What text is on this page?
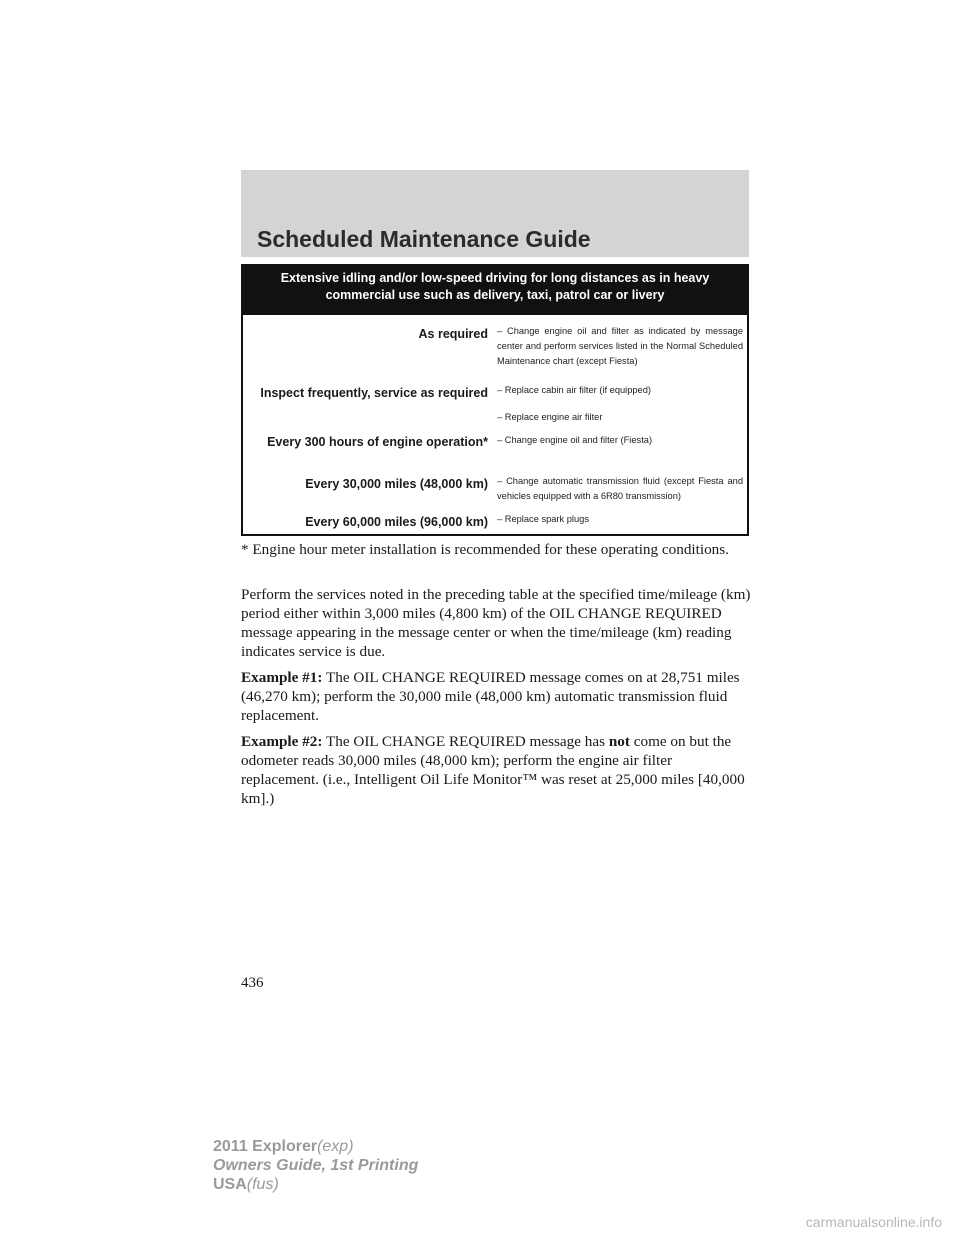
Scheduled Maintenance Guide
Extensive idling and/or low-speed driving for long distances as in heavy commercial use such as delivery, taxi, patrol car or livery
As required – Change engine oil and filter as indicated by message center and perform services listed in the Normal Scheduled Maintenance chart (except Fiesta)

Inspect frequently, service as required – Replace cabin air filter (if equipped)

– Replace engine air filter

Every 300 hours of engine operation* – Change engine oil and filter (Fiesta)

Every 30,000 miles (48,000 km) – Change automatic transmission fluid (except Fiesta and vehicles equipped with a 6R80 transmission)

Every 60,000 miles (96,000 km) – Replace spark plugs

* Engine hour meter installation is recommended for these operating conditions.

Perform the services noted in the preceding table at the specified time/mileage (km) period either within 3,000 miles (4,800 km) of the OIL CHANGE REQUIRED message appearing in the message center or when the time/mileage (km) reading indicates service is due.

Example #1: The OIL CHANGE REQUIRED message comes on at 28,751 miles (46,270 km); perform the 30,000 mile (48,000 km) automatic transmission fluid replacement.

Example #2: The OIL CHANGE REQUIRED message has not come on but the odometer reads 30,000 miles (48,000 km); perform the engine air filter replacement. (i.e., Intelligent Oil Life Monitor™ was reset at 25,000 miles [40,000 km].)

436
2011 Explorer(exp)
Owners Guide, 1st Printing
USA(fus)
carmanualsonline.info
